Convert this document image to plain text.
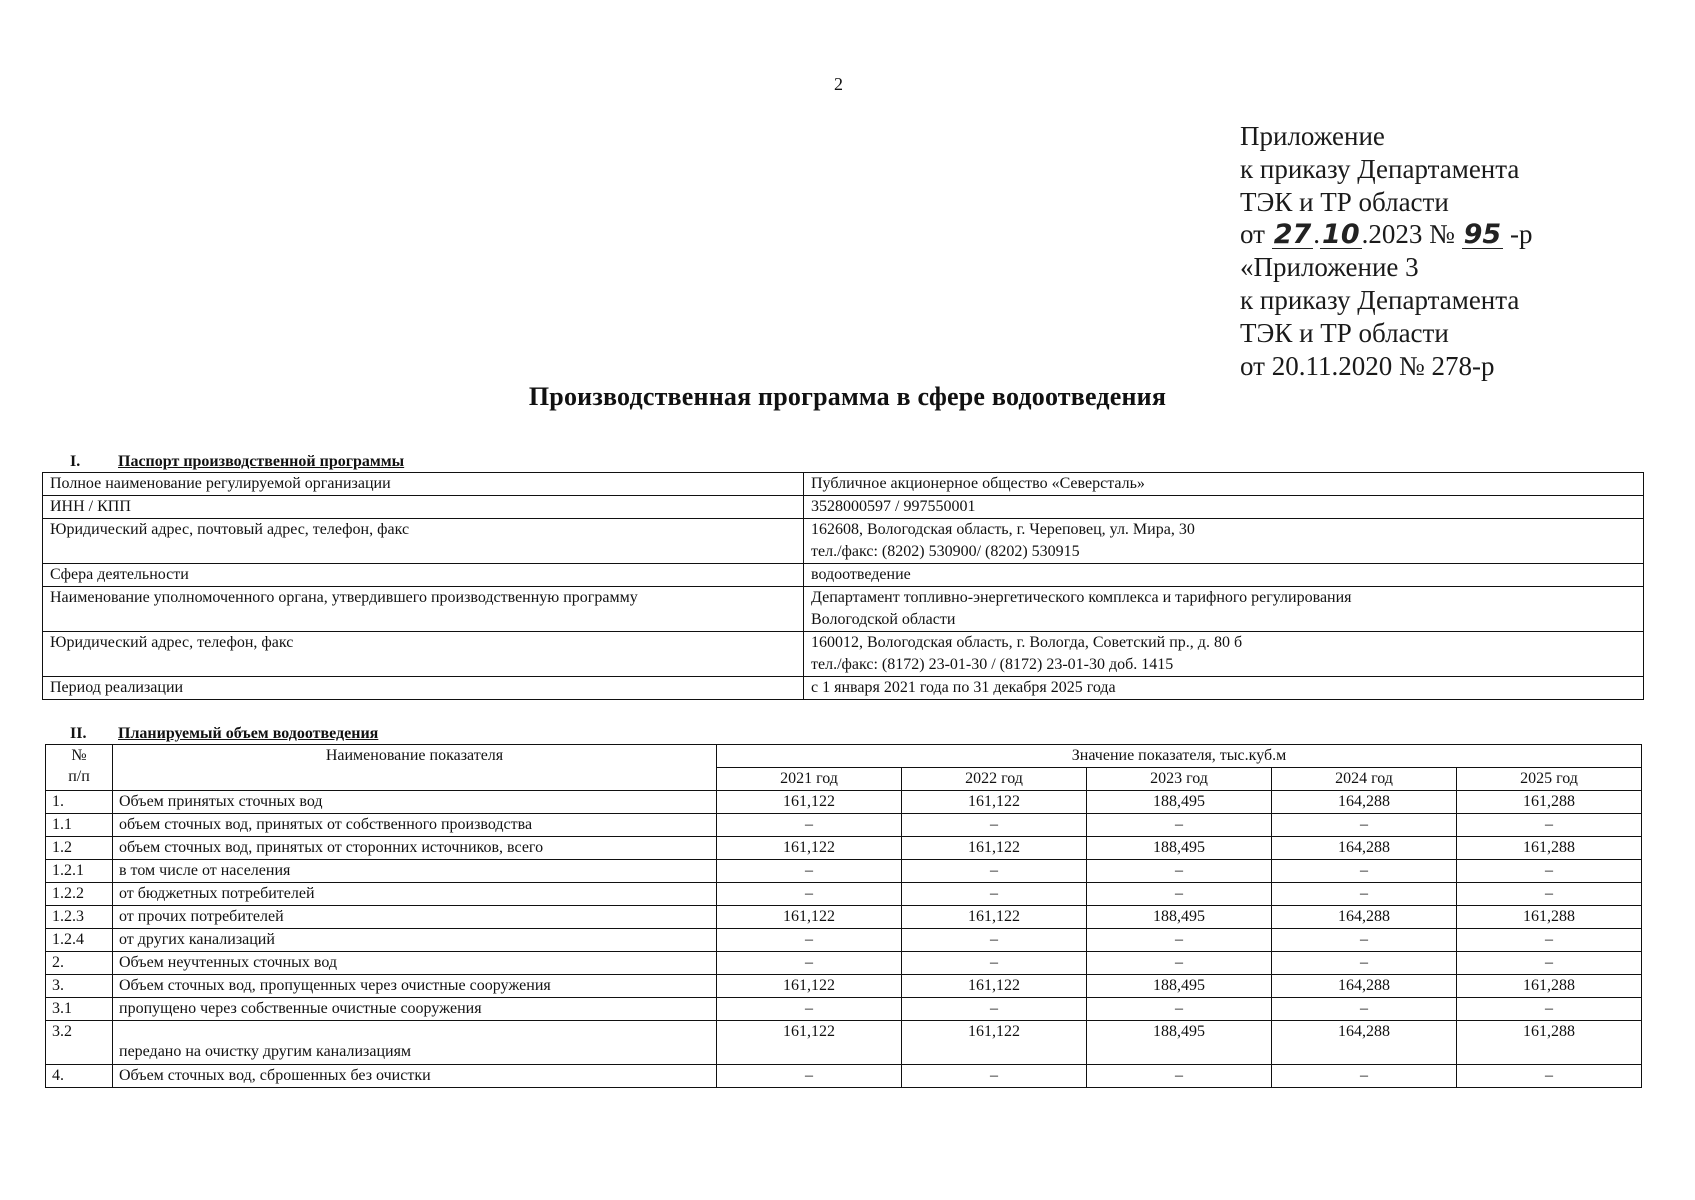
2
Приложение
к приказу Департамента
ТЭК и ТР области
от 27.10.2023 № 95 -р
«Приложение 3
к приказу Департамента
ТЭК и ТР области
от 20.11.2020 № 278-р
Производственная программа в сфере водоотведения
I. Паспорт производственной программы
Полное наименование регулируемой организации	Публичное акционерное общество «Северсталь»

ИНН / КПП	3528000597 / 997550001

Юридический адрес, почтовый адрес, телефон, факс	162608, Вологодская область, г. Череповец, ул. Мира, 30
тел./факс: (8202) 530900/ (8202) 530915

Сфера деятельности	водоотведение

Наименование уполномоченного органа, утвердившего производственную программу	Департамент топливно-энергетического комплекса и тарифного регулирования
Вологодской области

Юридический адрес, телефон, факс	160012, Вологодская область, г. Вологда, Советский пр., д. 80 б
тел./факс: (8172) 23-01-30 / (8172) 23-01-30 доб. 1415

Период реализации	с 1 января 2021 года по 31 декабря 2025 года
II. Планируемый объем водоотведения
№
п/п	Наименование показателя	Значение показателя, тыс.куб.м				
		2021 год	2022 год	2023 год	2024 год	2025 год
1.	Объем принятых сточных вод	161,122	161,122	188,495	164,288	161,288
1.1	объем сточных вод, принятых от собственного производства	–	–	–	–	–
1.2	объем сточных вод, принятых от сторонних источников, всего	161,122	161,122	188,495	164,288	161,288
1.2.1	в том числе от населения	–	–	–	–	–
1.2.2	от бюджетных потребителей	–	–	–	–	–
1.2.3	от прочих потребителей	161,122	161,122	188,495	164,288	161,288
1.2.4	от других канализаций	–	–	–	–	–
2.	Объем неучтенных сточных вод	–	–	–	–	–
3.	Объем сточных вод, пропущенных через очистные сооружения	161,122	161,122	188,495	164,288	161,288
3.1	пропущено через собственные очистные сооружения	–	–	–	–	–
3.2	передано на очистку другим канализациям	161,122	161,122	188,495	164,288	161,288
4.	Объем сточных вод, сброшенных без очистки	–	–	–	–	–
